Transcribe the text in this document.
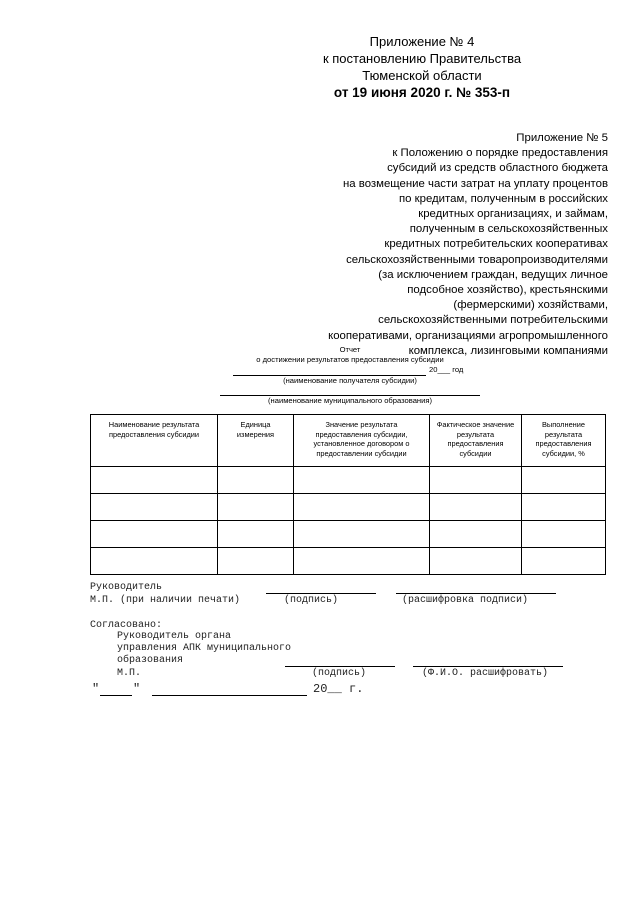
Приложение № 4
к постановлению Правительства
Тюменской области
от 19 июня 2020 г. № 353-п
Приложение № 5
к Положению о порядке предоставления
субсидий из средств областного бюджета
на возмещение части затрат на уплату процентов
по кредитам, полученным в российских
кредитных организациях, и займам,
полученным в сельскохозяйственных
кредитных потребительских кооперативах
сельскохозяйственными товаропроизводителями
(за исключением граждан, ведущих личное
подсобное хозяйство), крестьянскими
(фермерскими) хозяйствами,
сельскохозяйственными потребительскими
кооперативами, организациями агропромышленного
комплекса, лизинговыми компаниями
Отчет
о достижении результатов предоставления субсидии
20___ год
(наименование получателя субсидии)
(наименование муниципального образования)
Наименование результата предоставления субсидии	Единица измерения	Значение результата предоставления субсидии, установленное договором о предоставлении субсидии	Фактическое значение результата предоставления субсидии	Выполнение результата предоставления субсидии, %

Руководитель
М.П. (при наличии печати)	(подпись)	(расшифровка подписи)
Согласовано:
Руководитель органа
управления АПК муниципального
образования
М.П.	(подпись)	(Ф.И.О. расшифровать)
"	"	20__ г.
